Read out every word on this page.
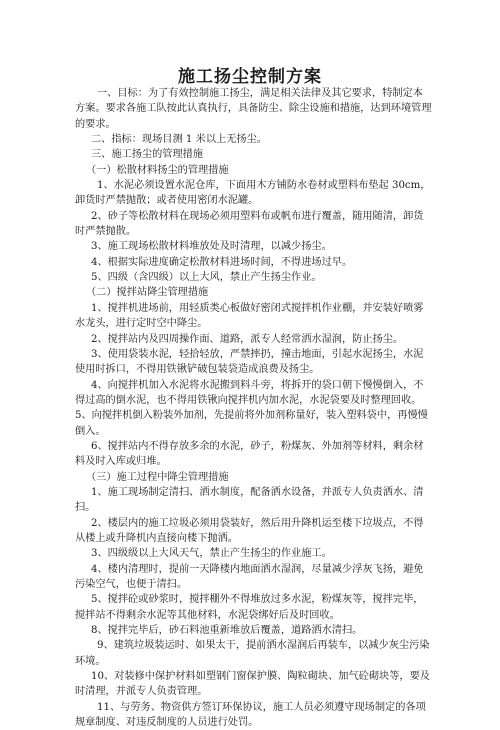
施工扬尘控制方案
一、目标：为了有效控制施工扬尘，满足相关法律及其它要求，特制定本
方案。要求各施工队按此认真执行，具备防尘、除尘设施和措施，达到环境管理
的要求。
二、指标：现场目测 1 米以上无扬尘。
三、施工扬尘的管理措施
（一）松散材料扬尘的管理措施
1、水泥必须设置水泥仓库，下面用木方铺防水卷材或塑料布垫起 30cm，
卸货时严禁抛散；或者使用密闭水泥罐。
2、砂子等松散材料在现场必须用塑料布或帆布进行覆盖，随用随清，卸货
时严禁抛散。
3、施工现场松散材料堆放处及时清理，以减少扬尘。
4、根据实际进度确定松散材料进场时间，不得进场过早。
5、四级（含四级）以上大风，禁止产生扬尘作业。
（二）搅拌站降尘管理措施
1、搅拌机进场前，用轻质类心板做好密闭式搅拌机作业棚，并安装好喷雾
水龙头，进行定时空中降尘。
2、搅拌站内及四周操作面、道路，派专人经常洒水湿润，防止扬尘。
3、使用袋装水泥，轻拾轻放，严禁摔扔，撞击地面，引起水泥扬尘，水泥
使用时拆口，不得用铁锹铲破包装袋造成浪费及扬尘。
4、向搅拌机加入水泥将水泥搬到料斗旁，将拆开的袋口朝下慢慢倒入，不
得过高的倒水泥，也不得用铁锹向搅拌机内加水泥，水泥袋要及时整理回收。
5、向搅拌机倒入粉装外加剂，先提前将外加剂称量好，装入塑料袋中，再慢慢
倒入。
6、搅拌站内不得存放多余的水泥，砂子，粉煤灰、外加剂等材料，剩余材
料及时入库或归堆。
（三）施工过程中降尘管理措施
1、施工现场制定清扫、洒水制度，配备洒水设备，并派专人负责洒水、清
扫。
2、楼层内的施工垃圾必须用袋装好，然后用升降机运至楼下垃圾点，不得
从楼上或升降机内直接向楼下抛洒。
3、四级级以上大风天气，禁止产生扬尘的作业施工。
4、楼内清理时，提前一天降楼内地面洒水湿润，尽量减少浮灰飞扬，避免
污染空气，也便于清扫。
5、搅拌砼或砂浆时，搅拌棚外不得堆放过多水泥，粉煤灰等，搅拌完毕，
搅拌站不得剩余水泥等其他材料，水泥袋绑好后及时回收。
8、搅拌完毕后，砂石料池重新堆放后覆盖，道路洒水清扫。
9、建筑垃圾装运时、如果太干，提前洒水湿润后再装车，以减少灰尘污染
环境。
10、对装修中保护材料如塑钢门窗保护膜、陶粒砌块、加气砼砌块等，要及
时清理，并派专人负责管理。
11、与劳务、物资供方签订环保协议，施工人员必须遵守现场制定的各项
规章制度、对违反制度的人员进行处罚。
